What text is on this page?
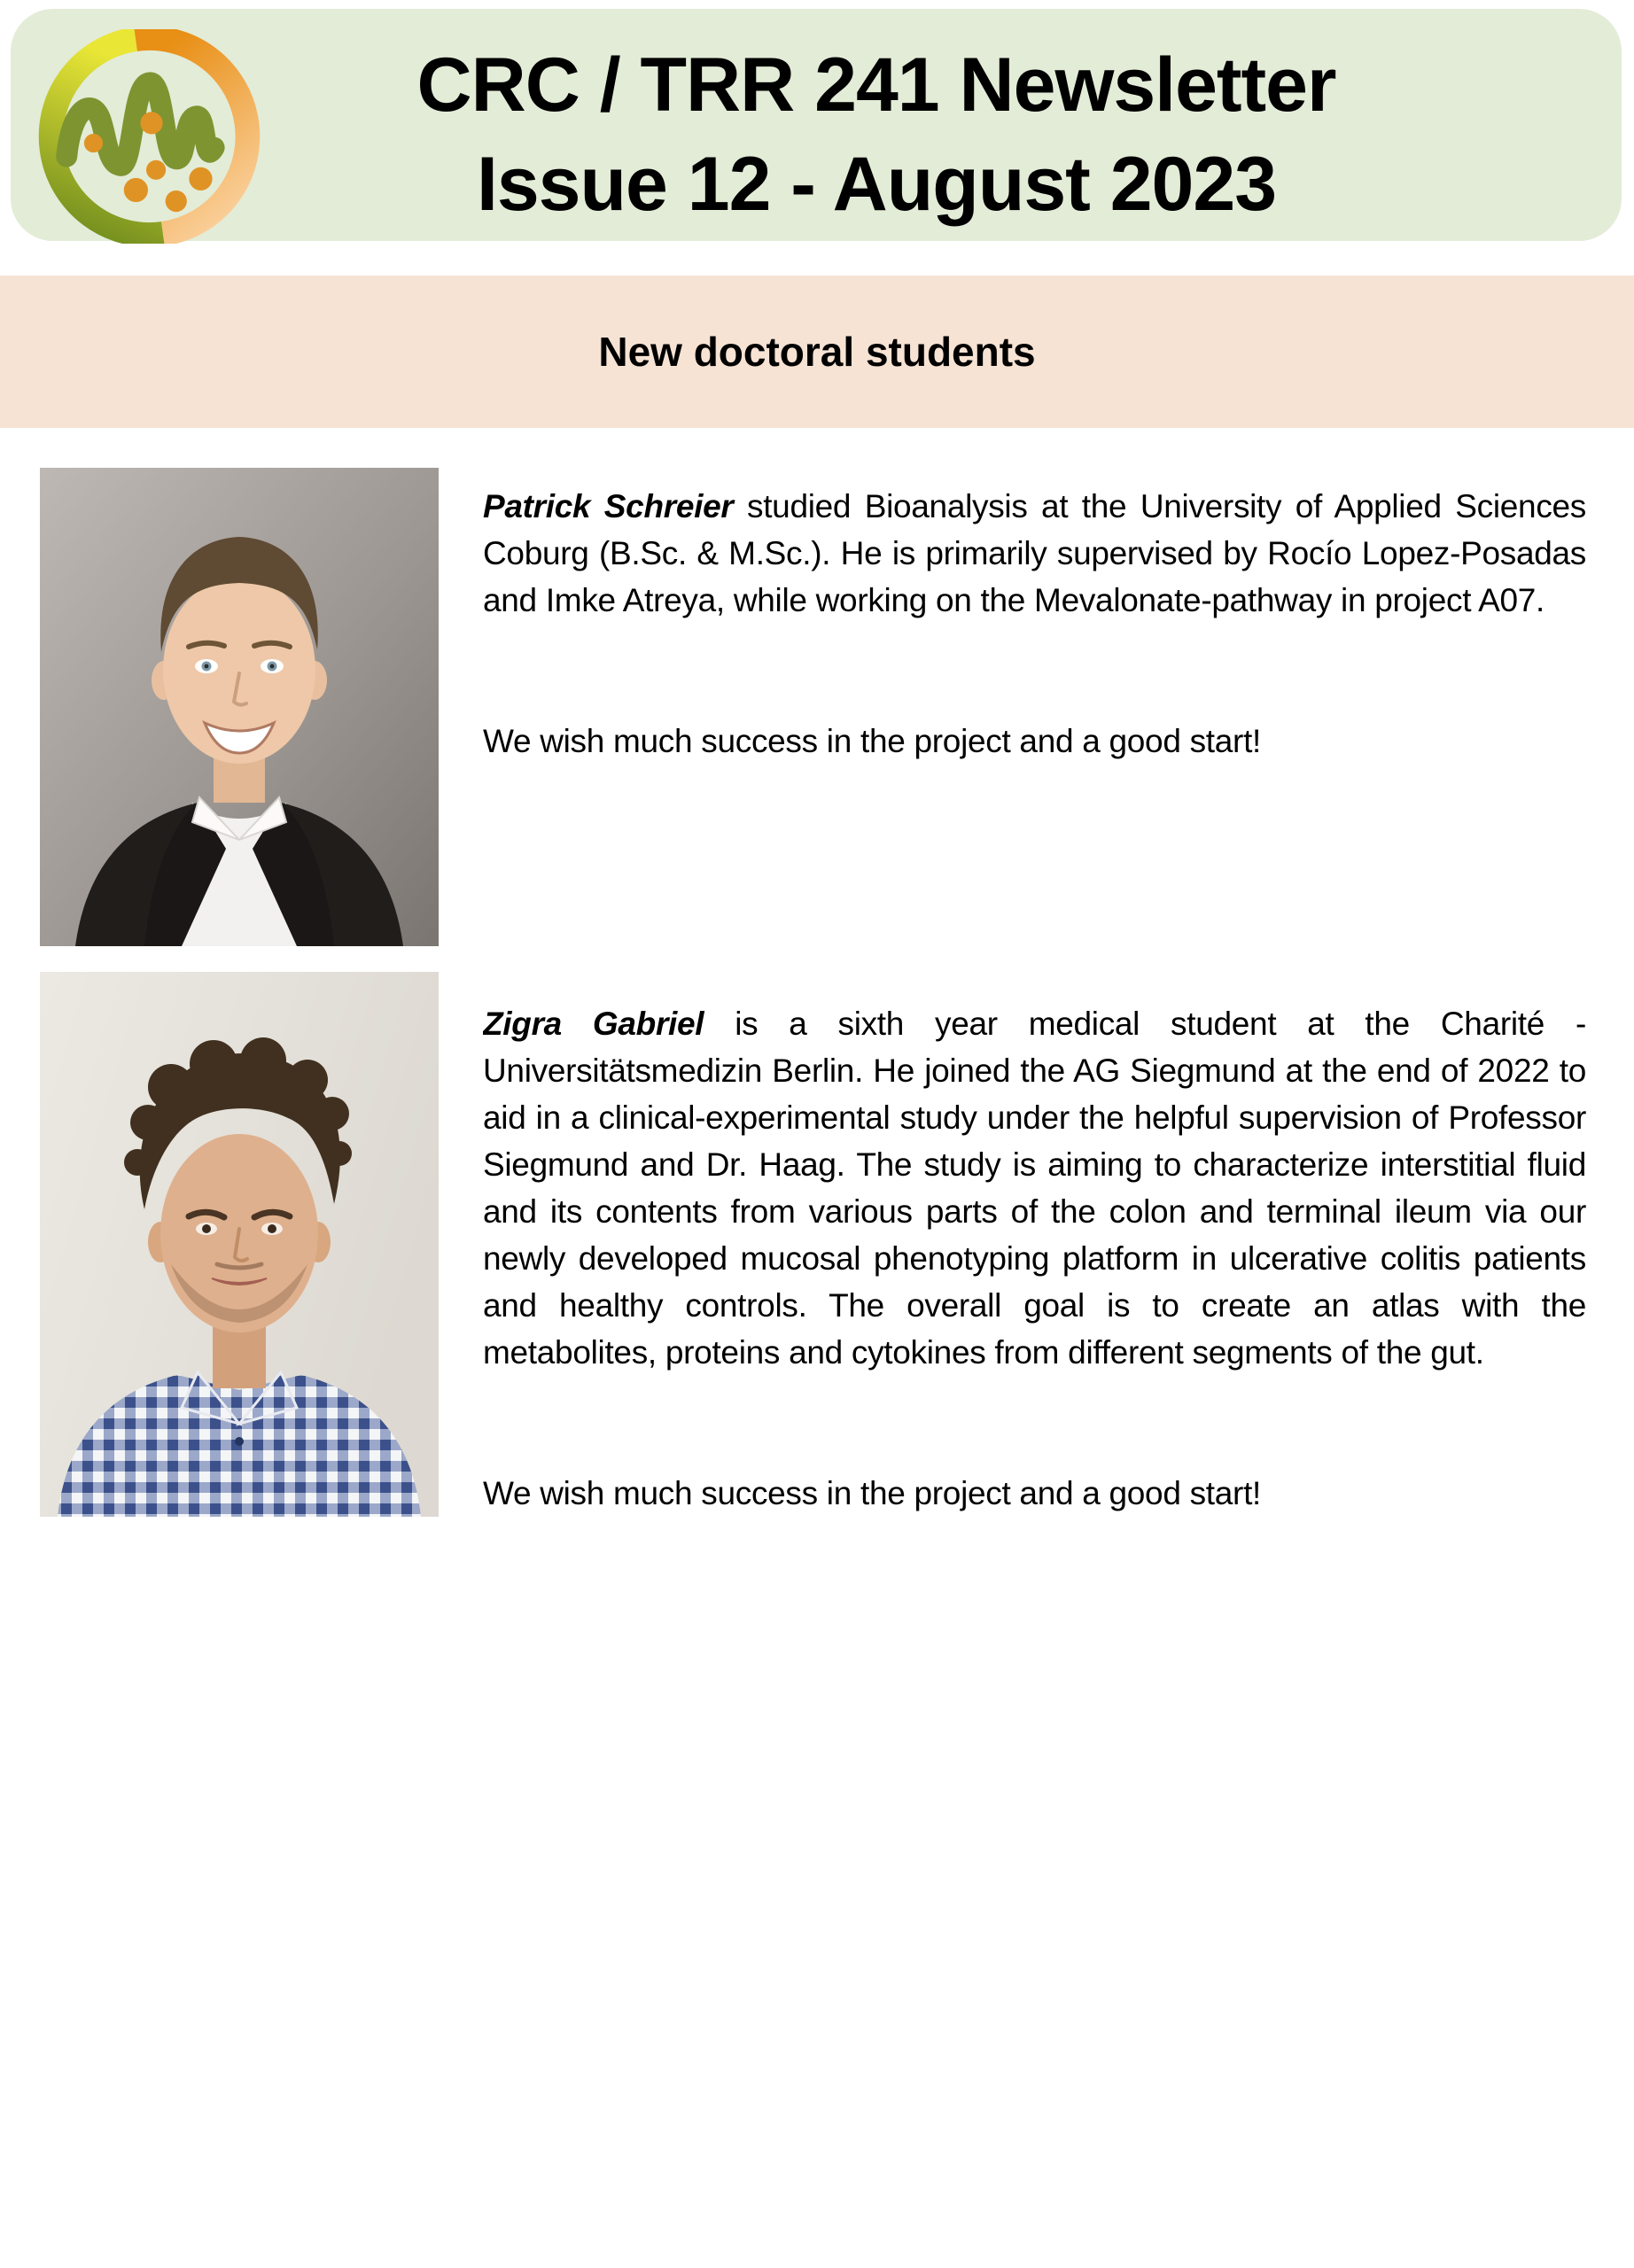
CRC / TRR 241 Newsletter
Issue 12 - August 2023
New doctoral students

Patrick Schreier studied Bioanalysis at the University of Applied Sciences Coburg (B.Sc. & M.Sc.). He is primarily supervised by Rocío Lopez-Posadas and Imke Atreya, while working on the Mevalonate-pathway in project A07.

We wish much success in the project and a good start!

Zigra Gabriel is a sixth year medical student at the Charité - Universitätsmedizin Berlin. He joined the AG Siegmund at the end of 2022 to aid in a clinical-experimental study under the helpful supervision of Professor Siegmund and Dr. Haag. The study is aiming to characterize interstitial fluid and its contents from various parts of the colon and terminal ileum via our newly developed mucosal phenotyping platform in ulcerative colitis patients and healthy controls. The overall goal is to create an atlas with the metabolites, proteins and cytokines from different segments of the gut.

We wish much success in the project and a good start!
